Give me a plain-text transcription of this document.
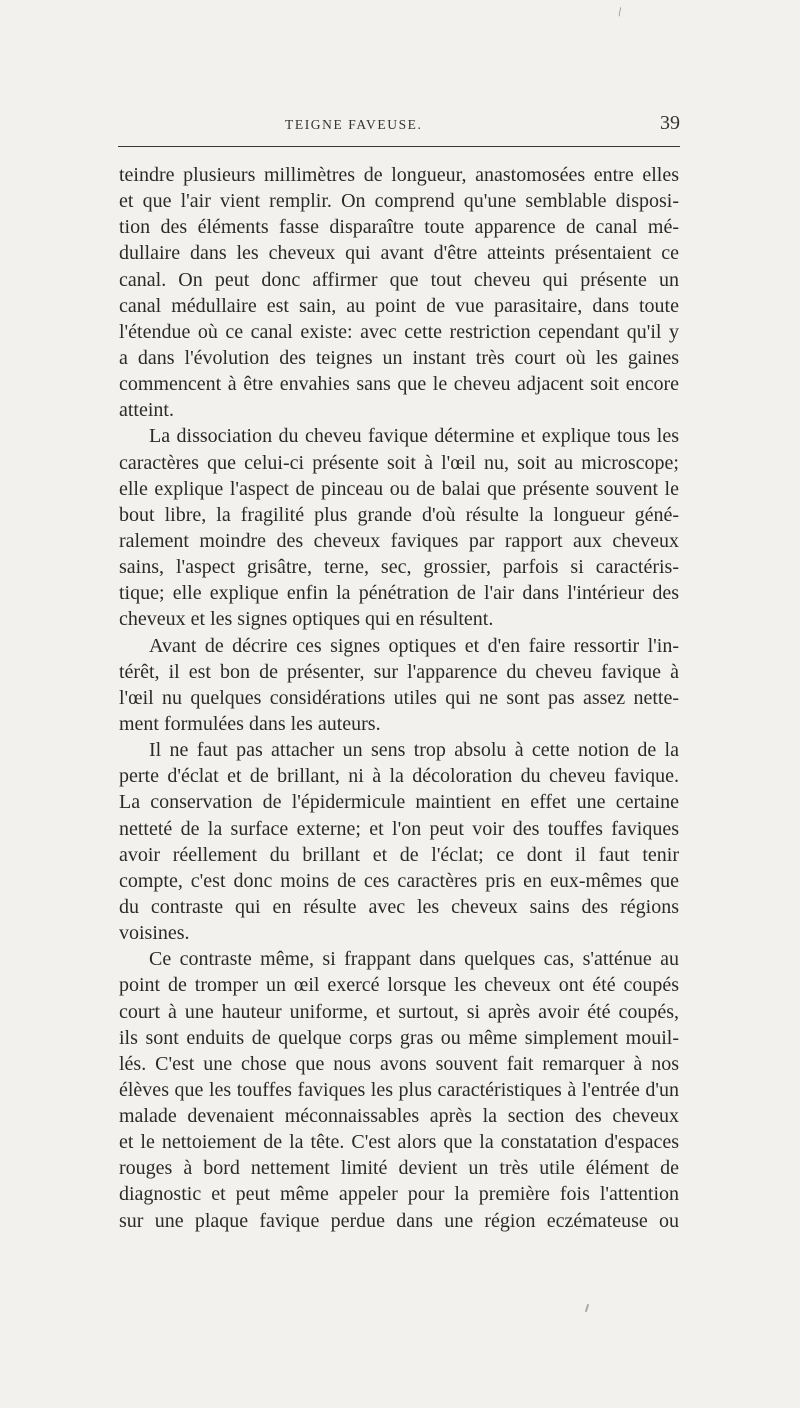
/
TEIGNE FAVEUSE.	39
teindre plusieurs millimètres de longueur, anastomosées entre elles
et que l'air vient remplir. On comprend qu'une semblable disposi-
tion des éléments fasse disparaître toute apparence de canal mé-
dullaire dans les cheveux qui avant d'être atteints présentaient ce
canal. On peut donc affirmer que tout cheveu qui présente un
canal médullaire est sain, au point de vue parasitaire, dans toute
l'étendue où ce canal existe: avec cette restriction cependant qu'il y
a dans l'évolution des teignes un instant très court où les gaines
commencent à être envahies sans que le cheveu adjacent soit encore
atteint.
La dissociation du cheveu favique détermine et explique tous les
caractères que celui-ci présente soit à l'œil nu, soit au microscope;
elle explique l'aspect de pinceau ou de balai que présente souvent le
bout libre, la fragilité plus grande d'où résulte la longueur géné-
ralement moindre des cheveux faviques par rapport aux cheveux
sains, l'aspect grisâtre, terne, sec, grossier, parfois si caractéris-
tique; elle explique enfin la pénétration de l'air dans l'intérieur des
cheveux et les signes optiques qui en résultent.
Avant de décrire ces signes optiques et d'en faire ressortir l'in-
térêt, il est bon de présenter, sur l'apparence du cheveu favique à
l'œil nu quelques considérations utiles qui ne sont pas assez nette-
ment formulées dans les auteurs.
Il ne faut pas attacher un sens trop absolu à cette notion de la
perte d'éclat et de brillant, ni à la décoloration du cheveu favique.
La conservation de l'épidermicule maintient en effet une certaine
netteté de la surface externe; et l'on peut voir des touffes faviques
avoir réellement du brillant et de l'éclat; ce dont il faut tenir
compte, c'est donc moins de ces caractères pris en eux-mêmes que
du contraste qui en résulte avec les cheveux sains des régions
voisines.
Ce contraste même, si frappant dans quelques cas, s'atténue au
point de tromper un œil exercé lorsque les cheveux ont été coupés
court à une hauteur uniforme, et surtout, si après avoir été coupés,
ils sont enduits de quelque corps gras ou même simplement mouil-
lés. C'est une chose que nous avons souvent fait remarquer à nos
élèves que les touffes faviques les plus caractéristiques à l'entrée d'un
malade devenaient méconnaissables après la section des cheveux
et le nettoiement de la tête. C'est alors que la constatation d'espaces
rouges à bord nettement limité devient un très utile élément de
diagnostic et peut même appeler pour la première fois l'attention
sur une plaque favique perdue dans une région eczémateuse ou
